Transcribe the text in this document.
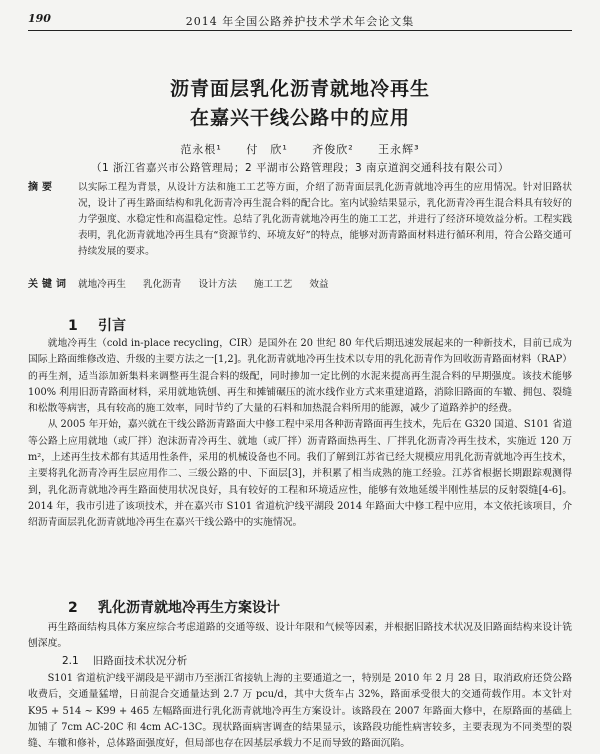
190	2014 年全国公路养护技术学术年会论文集
沥青面层乳化沥青就地冷再生
在嘉兴干线公路中的应用
范永根¹ 付　欣¹ 齐俊欣² 王永辉³
（1 浙江省嘉兴市公路管理局；2 平湖市公路管理段；3 南京道润交通科技有限公司）
摘要	以实际工程为背景，从设计方法和施工工艺等方面，介绍了沥青面层乳化沥青就地冷再生的应用情况。针对旧路状况，设计了再生路面结构和乳化沥青冷再生混合料的配合比。室内试验结果显示，乳化沥青冷再生混合料具有较好的力学强度、水稳定性和高温稳定性。总结了乳化沥青就地冷再生的施工工艺，并进行了经济环境效益分析。工程实践表明，乳化沥青就地冷再生具有“资源节约、环境友好”的特点，能够对沥青路面材料进行循环利用，符合公路交通可持续发展的要求。
关键词 就地冷再生 乳化沥青 设计方法 施工工艺 效益
1 引言

就地冷再生（cold in-place recycling，CIR）是国外在 20 世纪 80 年代后期迅速发展起来的一种新技术，目前已成为国际上路面维修改造、升级的主要方法之一[1,2]。乳化沥青就地冷再生技术以专用的乳化沥青作为回收沥青路面材料（RAP）的再生剂，适当添加新集料来调整再生混合料的级配，同时掺加一定比例的水泥来提高再生混合料的早期强度。该技术能够 100% 利用旧沥青路面材料，采用就地铣刨、再生和摊铺碾压的流水线作业方式来重建道路，消除旧路面的车辙、拥包、裂缝和松散等病害，具有较高的施工效率，同时节约了大量的石料和加热混合料所用的能源，减少了道路养护的经费。

从 2005 年开始，嘉兴就在干线公路沥青路面大中修工程中采用各种沥青路面再生技术，先后在 G320 国道、S101 省道等公路上应用就地（或厂拌）泡沫沥青冷再生、就地（或厂拌）沥青路面热再生、厂拌乳化沥青冷再生技术，实施近 120 万 m²，上述再生技术都有其适用性条件，采用的机械设备也不同。我们了解到江苏省已经大规模应用乳化沥青就地冷再生技术，主要将乳化沥青冷再生层应用作二、三级公路的中、下面层[3]，并积累了相当成熟的施工经验。江苏省根据长期跟踪观测得到，乳化沥青就地冷再生路面使用状况良好，具有较好的工程和环境适应性，能够有效地延缓半刚性基层的反射裂缝[4-6]。2014 年，我市引进了该项技术，并在嘉兴市 S101 省道杭沪线平湖段 2014 年路面大中修工程中应用，本文依托该项目，介绍沥青面层乳化沥青就地冷再生在嘉兴干线公路中的实施情况。

2 乳化沥青就地冷再生方案设计

再生路面结构具体方案应综合考虑道路的交通等级、设计年限和气候等因素，并根据旧路技术状况及旧路面结构来设计铣刨深度。

2.1 旧路面技术状况分析

S101 省道杭沪线平湖段是平湖市乃至浙江省接轨上海的主要通道之一，特别是 2010 年 2 月 28 日，取消政府还贷公路收费后，交通量猛增，日前混合交通量达到 2.7 万 pcu/d，其中大货车占 32%，路面承受很大的交通荷载作用。本文针对 K95 + 514 ~ K99 + 465 左幅路面进行乳化沥青就地冷再生方案设计。该路段在 2007 年路面大修中，在原路面的基础上加铺了 7cm AC-20C 和 4cm AC-13C。现状路面病害调查的结果显示，该路段功能性病害较多，主要表现为不同类型的裂缝、车辙和修补，总体路面强度好，但局部也存在因基层承载力不足而导致的路面沉陷。
